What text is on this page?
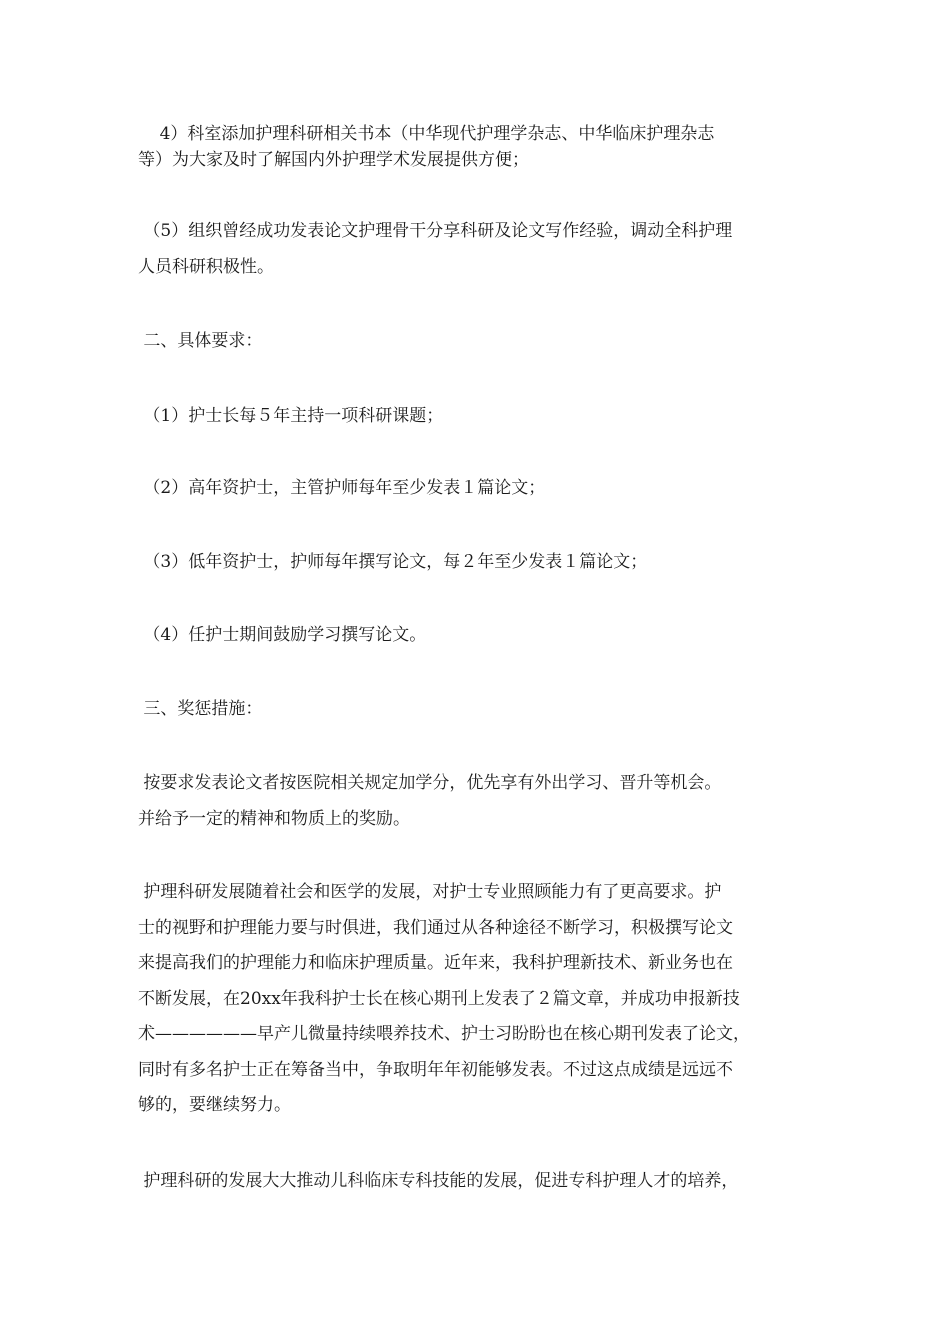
4）科室添加护理科研相关书本（中华现代护理学杂志、中华临床护理杂志
等）为大家及时了解国内外护理学术发展提供方便；

（5）组织曾经成功发表论文护理骨干分享科研及论文写作经验，调动全科护理
人员科研积极性。

二、具体要求：

（1）护士长每５年主持一项科研课题；

（2）高年资护士，主管护师每年至少发表１篇论文；

（3）低年资护士，护师每年撰写论文，每２年至少发表１篇论文；

（4）任护士期间鼓励学习撰写论文。

三、奖惩措施：

按要求发表论文者按医院相关规定加学分，优先享有外出学习、晋升等机会。
并给予一定的精神和物质上的奖励。

护理科研发展随着社会和医学的发展，对护士专业照顾能力有了更高要求。护
士的视野和护理能力要与时俱进，我们通过从各种途径不断学习，积极撰写论文
来提高我们的护理能力和临床护理质量。近年来，我科护理新技术、新业务也在
不断发展，在20xx年我科护士长在核心期刊上发表了２篇文章，并成功申报新技
术——————早产儿微量持续喂养技术、护士习盼盼也在核心期刊发表了论文，
同时有多名护士正在筹备当中，争取明年年初能够发表。不过这点成绩是远远不
够的，要继续努力。

护理科研的发展大大推动儿科临床专科技能的发展，促进专科护理人才的培养，
